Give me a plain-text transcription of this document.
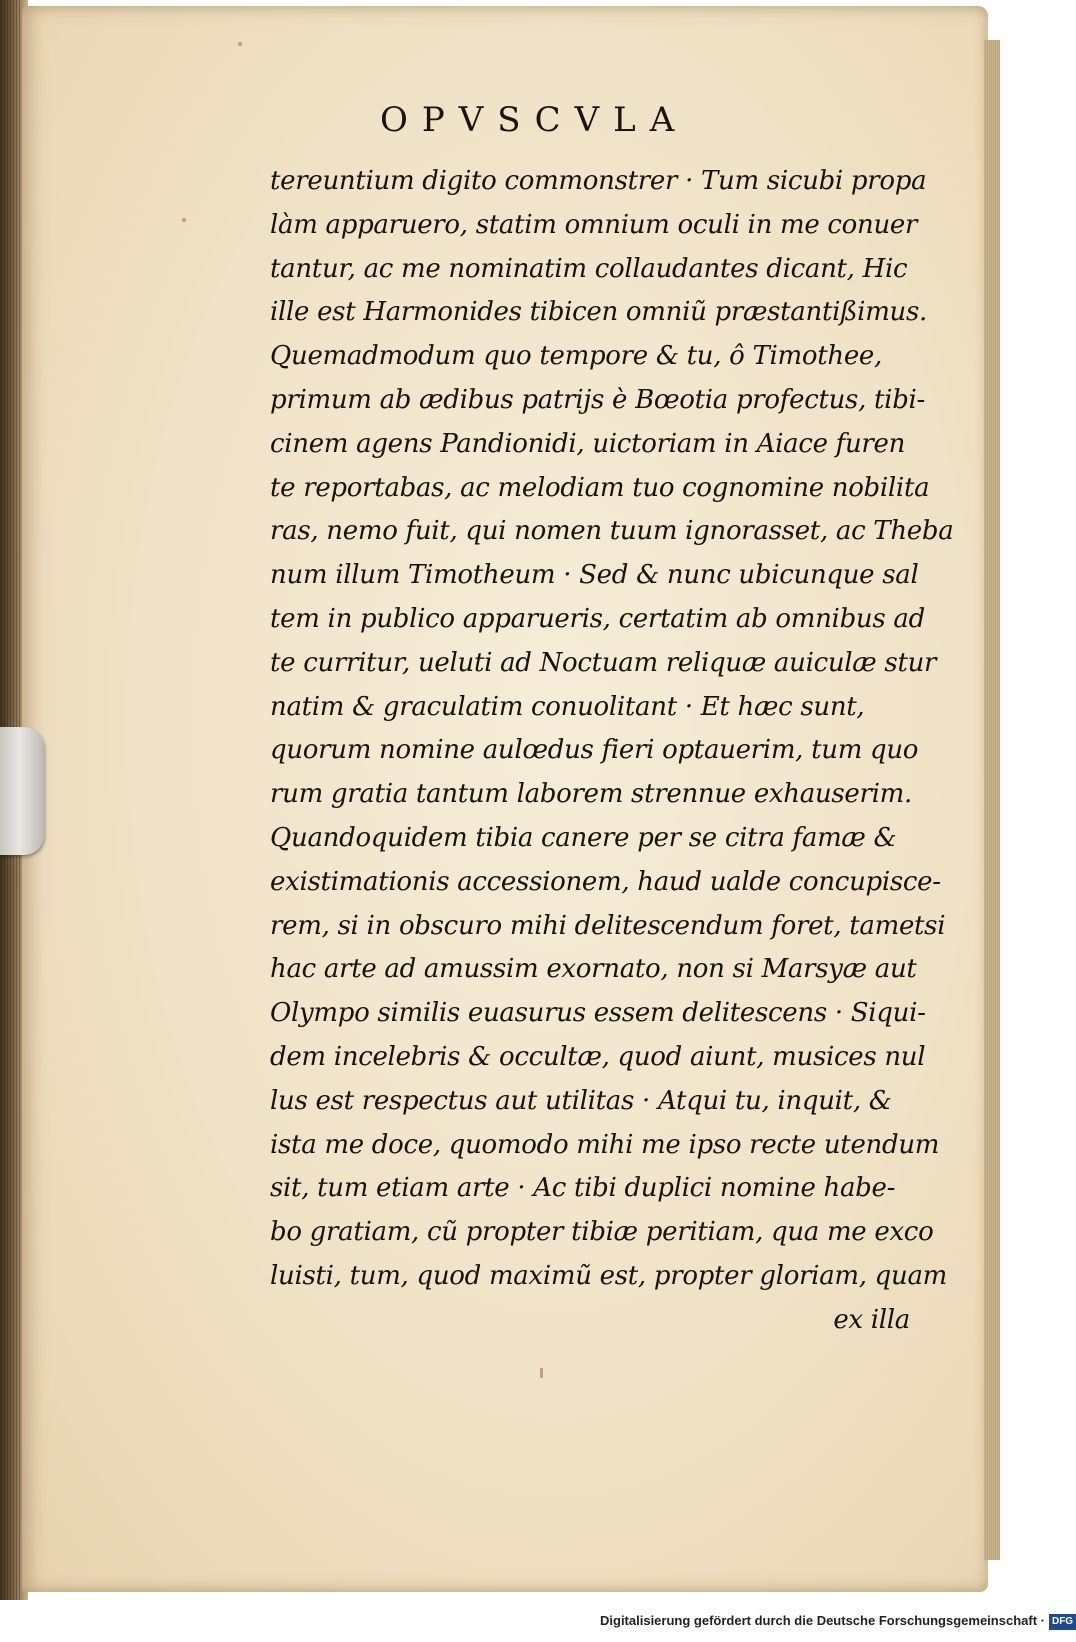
OPVSCVLA
tereuntium digito commonstrer · Tum sicubi propa
làm apparuero, statim omnium oculi in me conuer
tantur, ac me nominatim collaudantes dicant, Hic
ille est Harmonides tibicen omniũ præstantißimus.
Quemadmodum quo tempore & tu, ô Timothee,
primum ab ædibus patrijs è Bœotia profectus, tibi-
cinem agens Pandionidi, uictoriam in Aiace furen
te reportabas, ac melodiam tuo cognomine nobilita
ras, nemo fuit, qui nomen tuum ignorasset, ac Theba
num illum Timotheum · Sed & nunc ubicunque sal
tem in publico apparueris, certatim ab omnibus ad
te curritur, ueluti ad Noctuam reliquæ auiculæ stur
natim & graculatim conuolitant · Et hæc sunt,
quorum nomine aulœdus fieri optauerim, tum quo
rum gratia tantum laborem strennue exhauserim.
Quandoquidem tibia canere per se citra famæ &
existimationis accessionem, haud ualde concupisce-
rem, si in obscuro mihi delitescendum foret, tametsi
hac arte ad amussim exornato, non si Marsyæ aut
Olympo similis euasurus essem delitescens · Siqui-
dem incelebris & occultæ, quod aiunt, musices nul
lus est respectus aut utilitas · Atqui tu, inquit, &
ista me doce, quomodo mihi me ipso recte utendum
sit, tum etiam arte · Ac tibi duplici nomine habe-
bo gratiam, cũ propter tibiæ peritiam, qua me exco
luisti, tum, quod maximũ est, propter gloriam, quam
ex illa
Digitalisierung gefördert durch die Deutsche Forschungsgemeinschaft · DFG
